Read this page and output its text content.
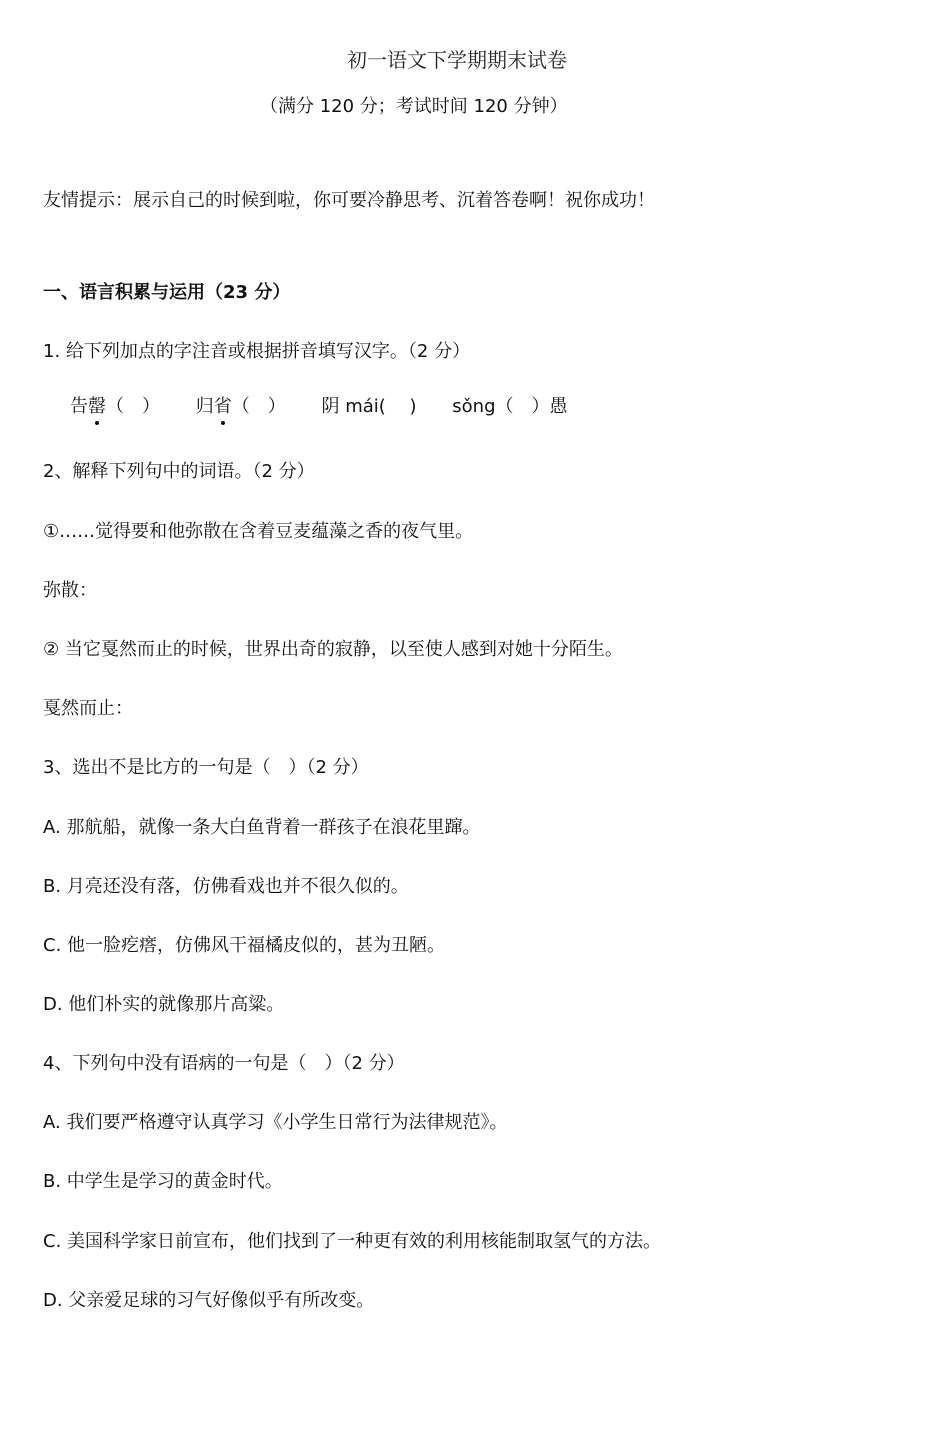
初一语文下学期期末试卷
（满分 120 分；考试时间 120 分钟）
友情提示：展示自己的时候到啦，你可要冷静思考、沉着答卷啊！祝你成功！
一、语言积累与运用（23 分）
1. 给下列加点的字注音或根据拼音填写汉字。（2 分）
告罄（　） 归省（　） 阴 mái(　 ) sǒng（　）愚
2、解释下列句中的词语。（2 分）
①……觉得要和他弥散在含着豆麦蕴藻之香的夜气里。
弥散：
② 当它戛然而止的时候，世界出奇的寂静，以至使人感到对她十分陌生。
戛然而止：
3、选出不是比方的一句是（　）（2 分）
A. 那航船，就像一条大白鱼背着一群孩子在浪花里蹿。
B. 月亮还没有落，仿佛看戏也并不很久似的。
C. 他一脸疙瘩，仿佛风干福橘皮似的，甚为丑陋。
D. 他们朴实的就像那片高粱。
4、下列句中没有语病的一句是（　）（2 分）
A. 我们要严格遵守认真学习《小学生日常行为法律规范》。
B. 中学生是学习的黄金时代。
C. 美国科学家日前宣布，他们找到了一种更有效的利用核能制取氢气的方法。
D. 父亲爱足球的习气好像似乎有所改变。
